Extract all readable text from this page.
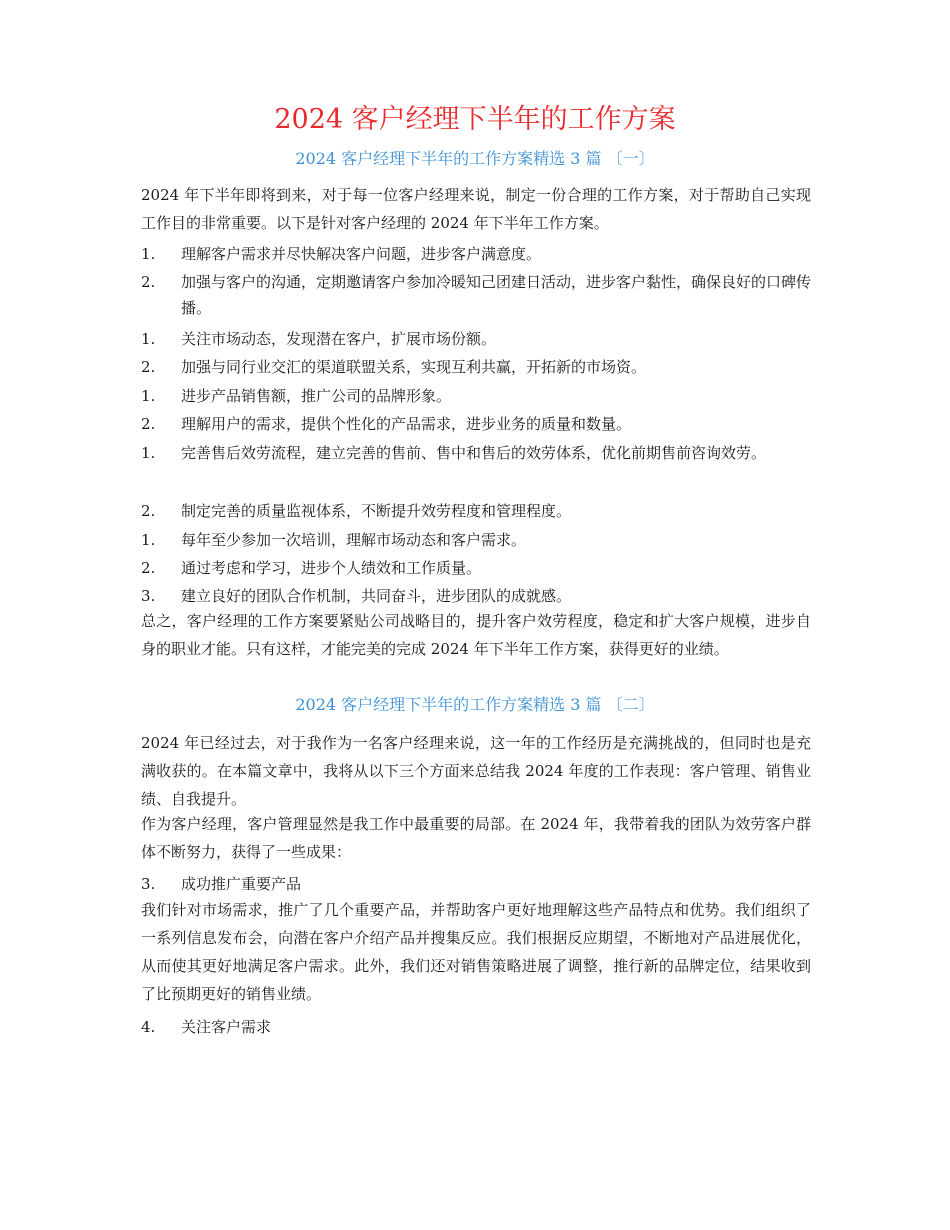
2024 客户经理下半年的工作方案
2024 客户经理下半年的工作方案精选 3 篇 〔一〕

2024 年下半年即将到来，对于每一位客户经理来说，制定一份合理的工作方案，对于帮助自己实现工作目的非常重要。以下是针对客户经理的 2024 年下半年工作方案。

1.	理解客户需求并尽快解决客户问题，进步客户满意度。
2.	加强与客户的沟通，定期邀请客户参加冷暖知己团建日活动，进步客户黏性，确保良好的口碑传播。
1.	关注市场动态，发现潜在客户，扩展市场份额。
2.	加强与同行业交汇的渠道联盟关系，实现互利共赢，开拓新的市场资。
1.	进步产品销售额，推广公司的品牌形象。
2.	理解用户的需求，提供个性化的产品需求，进步业务的质量和数量。
1.	完善售后效劳流程，建立完善的售前、售中和售后的效劳体系，优化前期售前咨询效劳。
2.	制定完善的质量监视体系，不断提升效劳程度和管理程度。
1.	每年至少参加一次培训，理解市场动态和客户需求。
2.	通过考虑和学习，进步个人绩效和工作质量。
3.	建立良好的团队合作机制，共同奋斗，进步团队的成就感。

总之，客户经理的工作方案要紧贴公司战略目的，提升客户效劳程度，稳定和扩大客户规模，进步自身的职业才能。只有这样，才能完美的完成 2024 年下半年工作方案，获得更好的业绩。

2024 客户经理下半年的工作方案精选 3 篇 〔二〕

2024 年已经过去，对于我作为一名客户经理来说，这一年的工作经历是充满挑战的，但同时也是充满收获的。在本篇文章中，我将从以下三个方面来总结我 2024 年度的工作表现：客户管理、销售业绩、自我提升。

作为客户经理，客户管理显然是我工作中最重要的局部。在 2024 年，我带着我的团队为效劳客户群体不断努力，获得了一些成果：

3.	成功推广重要产品

我们针对市场需求，推广了几个重要产品，并帮助客户更好地理解这些产品特点和优势。我们组织了一系列信息发布会，向潜在客户介绍产品并搜集反应。我们根据反应期望，不断地对产品进展优化，从而使其更好地满足客户需求。此外，我们还对销售策略进展了调整，推行新的品牌定位，结果收到了比预期更好的销售业绩。

4.	关注客户需求
